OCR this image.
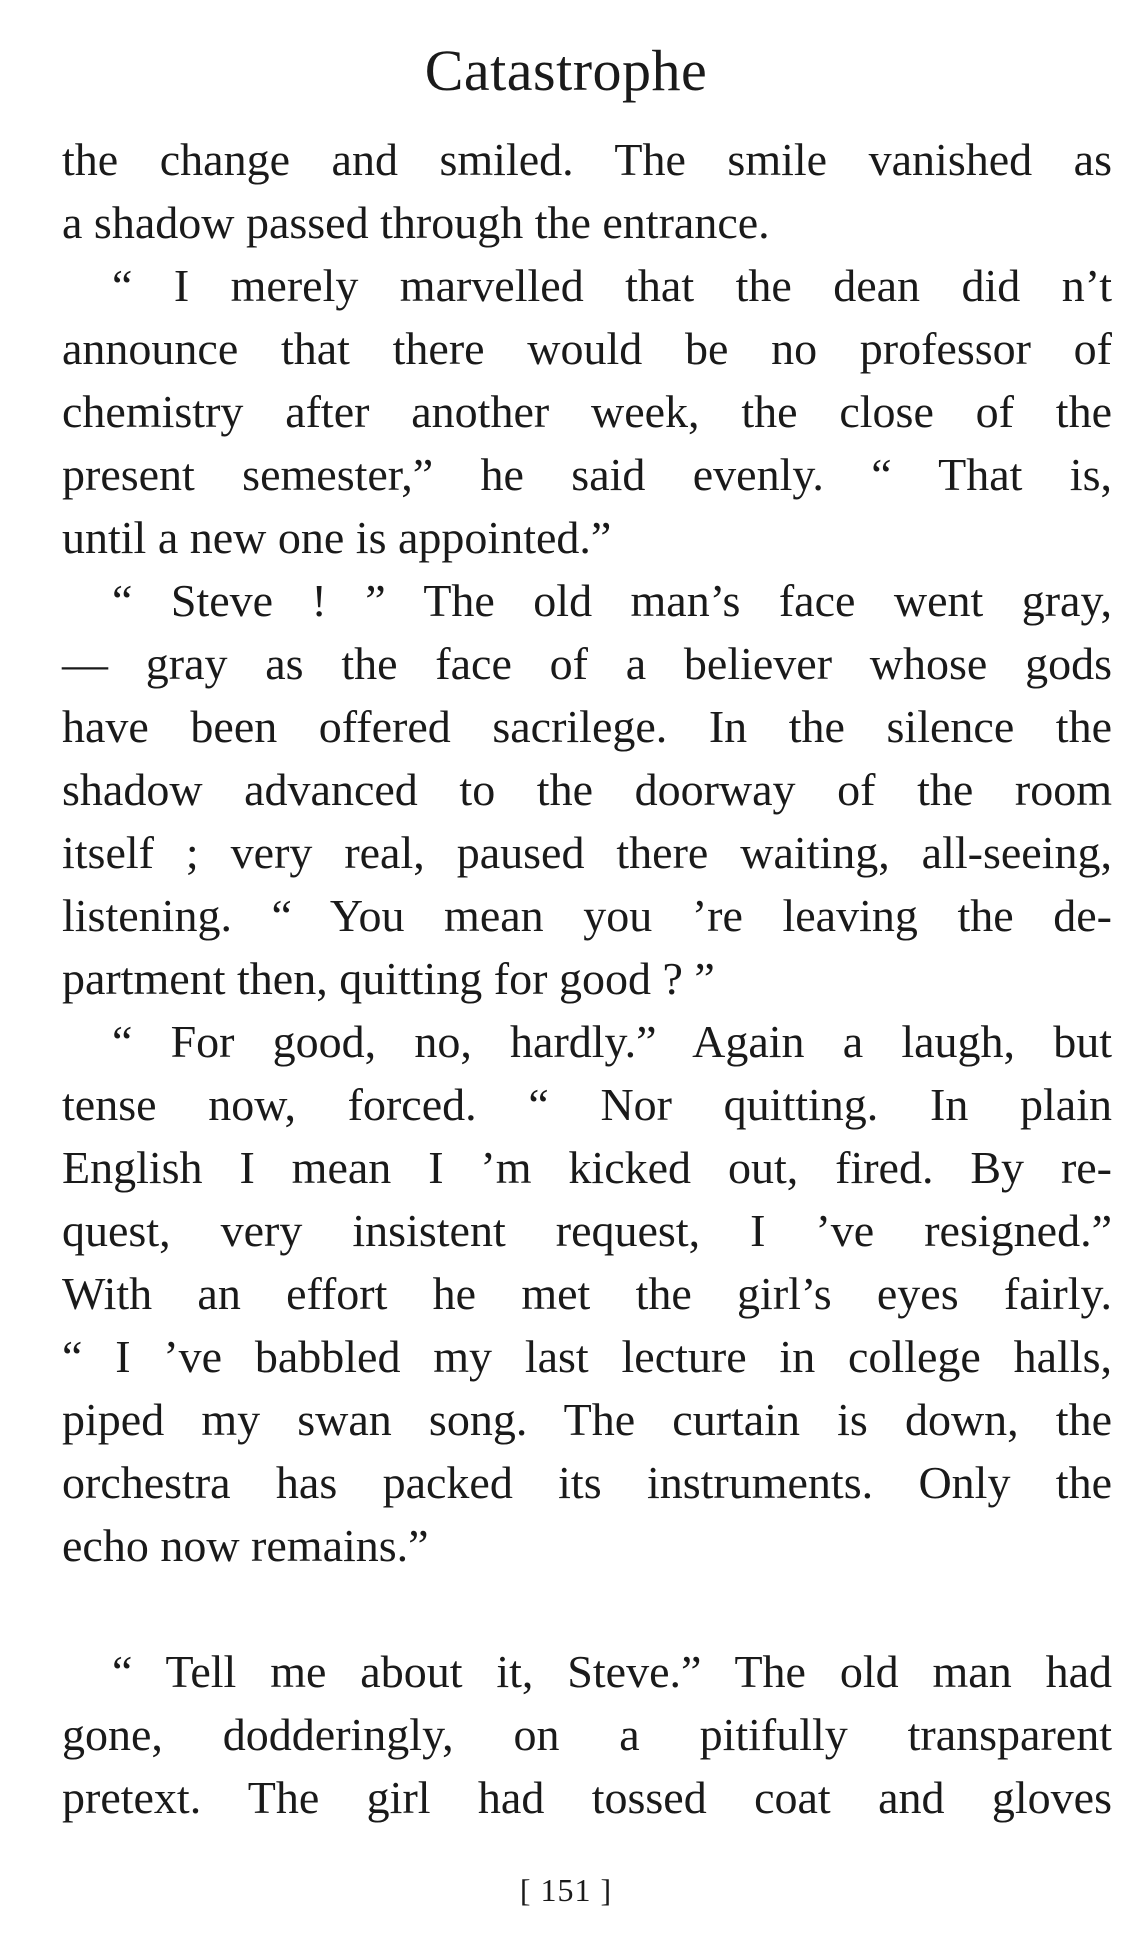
Catastrophe
the change and smiled. The smile vanished as
a shadow passed through the entrance.
“ I merely marvelled that the dean did n’t
announce that there would be no professor of
chemistry after another week, the close of the
present semester,” he said evenly. “ That is,
until a new one is appointed.”
“ Steve ! ” The old man’s face went gray,
— gray as the face of a believer whose gods
have been offered sacrilege. In the silence the
shadow advanced to the doorway of the room
itself ; very real, paused there waiting, all-seeing,
listening. “ You mean you ’re leaving the de-
partment then, quitting for good ? ”
“ For good, no, hardly.” Again a laugh, but
tense now, forced. “ Nor quitting. In plain
English I mean I ’m kicked out, fired. By re-
quest, very insistent request, I ’ve resigned.”
With an effort he met the girl’s eyes fairly.
“ I ’ve babbled my last lecture in college halls,
piped my swan song. The curtain is down, the
orchestra has packed its instruments. Only the
echo now remains.”
“ Tell me about it, Steve.” The old man had
gone, dodderingly, on a pitifully transparent
pretext. The girl had tossed coat and gloves
[ 151 ]
